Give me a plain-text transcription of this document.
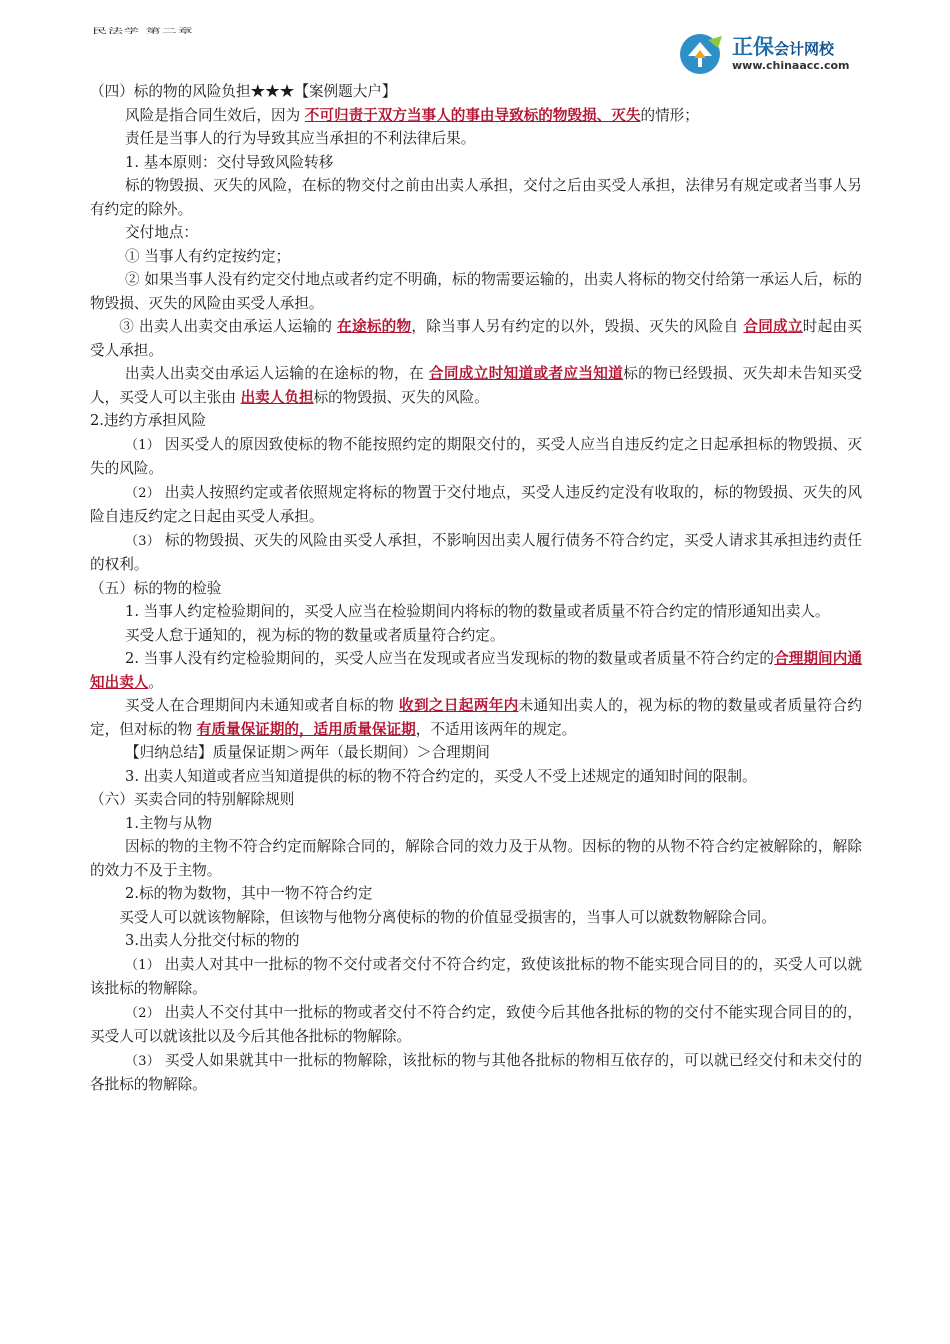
民法学 第二章
正保会计网校
www.chinaacc.com

（四）标的物的风险负担★★★【案例题大户】

风险是指合同生效后，因为 不可归责于双方当事人的事由导致标的物毁损、灭失的情形；

责任是当事人的行为导致其应当承担的不利法律后果。

1. 基本原则：交付导致风险转移

标的物毁损、灭失的风险，在标的物交付之前由出卖人承担，交付之后由买受人承担，法律另有规定或者当事人另有约定的除外。

交付地点：

① 当事人有约定按约定；

② 如果当事人没有约定交付地点或者约定不明确，标的物需要运输的，出卖人将标的物交付给第一承运人后，标的物毁损、灭失的风险由买受人承担。

③ 出卖人出卖交由承运人运输的 在途标的物，除当事人另有约定的以外，毁损、灭失的风险自 合同成立时起由买受人承担。

出卖人出卖交由承运人运输的在途标的物，在 合同成立时知道或者应当知道标的物已经毁损、灭失却未告知买受人，买受人可以主张由 出卖人负担标的物毁损、灭失的风险。

2.违约方承担风险

（1） 因买受人的原因致使标的物不能按照约定的期限交付的，买受人应当自违反约定之日起承担标的物毁损、灭失的风险。

（2） 出卖人按照约定或者依照规定将标的物置于交付地点，买受人违反约定没有收取的，标的物毁损、灭失的风险自违反约定之日起由买受人承担。

（3） 标的物毁损、灭失的风险由买受人承担，不影响因出卖人履行债务不符合约定，买受人请求其承担违约责任的权利。

（五）标的物的检验

1. 当事人约定检验期间的，买受人应当在检验期间内将标的物的数量或者质量不符合约定的情形通知出卖人。

买受人怠于通知的，视为标的物的数量或者质量符合约定。

2. 当事人没有约定检验期间的，买受人应当在发现或者应当发现标的物的数量或者质量不符合约定的合理期间内通知出卖人。

买受人在合理期间内未通知或者自标的物 收到之日起两年内未通知出卖人的，视为标的物的数量或者质量符合约定，但对标的物 有质量保证期的，适用质量保证期，不适用该两年的规定。

【归纳总结】质量保证期＞两年（最长期间）＞合理期间

3. 出卖人知道或者应当知道提供的标的物不符合约定的，买受人不受上述规定的通知时间的限制。

（六）买卖合同的特别解除规则

1.主物与从物

因标的物的主物不符合约定而解除合同的，解除合同的效力及于从物。因标的物的从物不符合约定被解除的，解除的效力不及于主物。

2.标的物为数物，其中一物不符合约定

买受人可以就该物解除，但该物与他物分离使标的物的价值显受损害的，当事人可以就数物解除合同。

3.出卖人分批交付标的物的

（1） 出卖人对其中一批标的物不交付或者交付不符合约定，致使该批标的物不能实现合同目的的，买受人可以就该批标的物解除。

（2） 出卖人不交付其中一批标的物或者交付不符合约定，致使今后其他各批标的物的交付不能实现合同目的的，买受人可以就该批以及今后其他各批标的物解除。

（3） 买受人如果就其中一批标的物解除，该批标的物与其他各批标的物相互依存的，可以就已经交付和未交付的各批标的物解除。
